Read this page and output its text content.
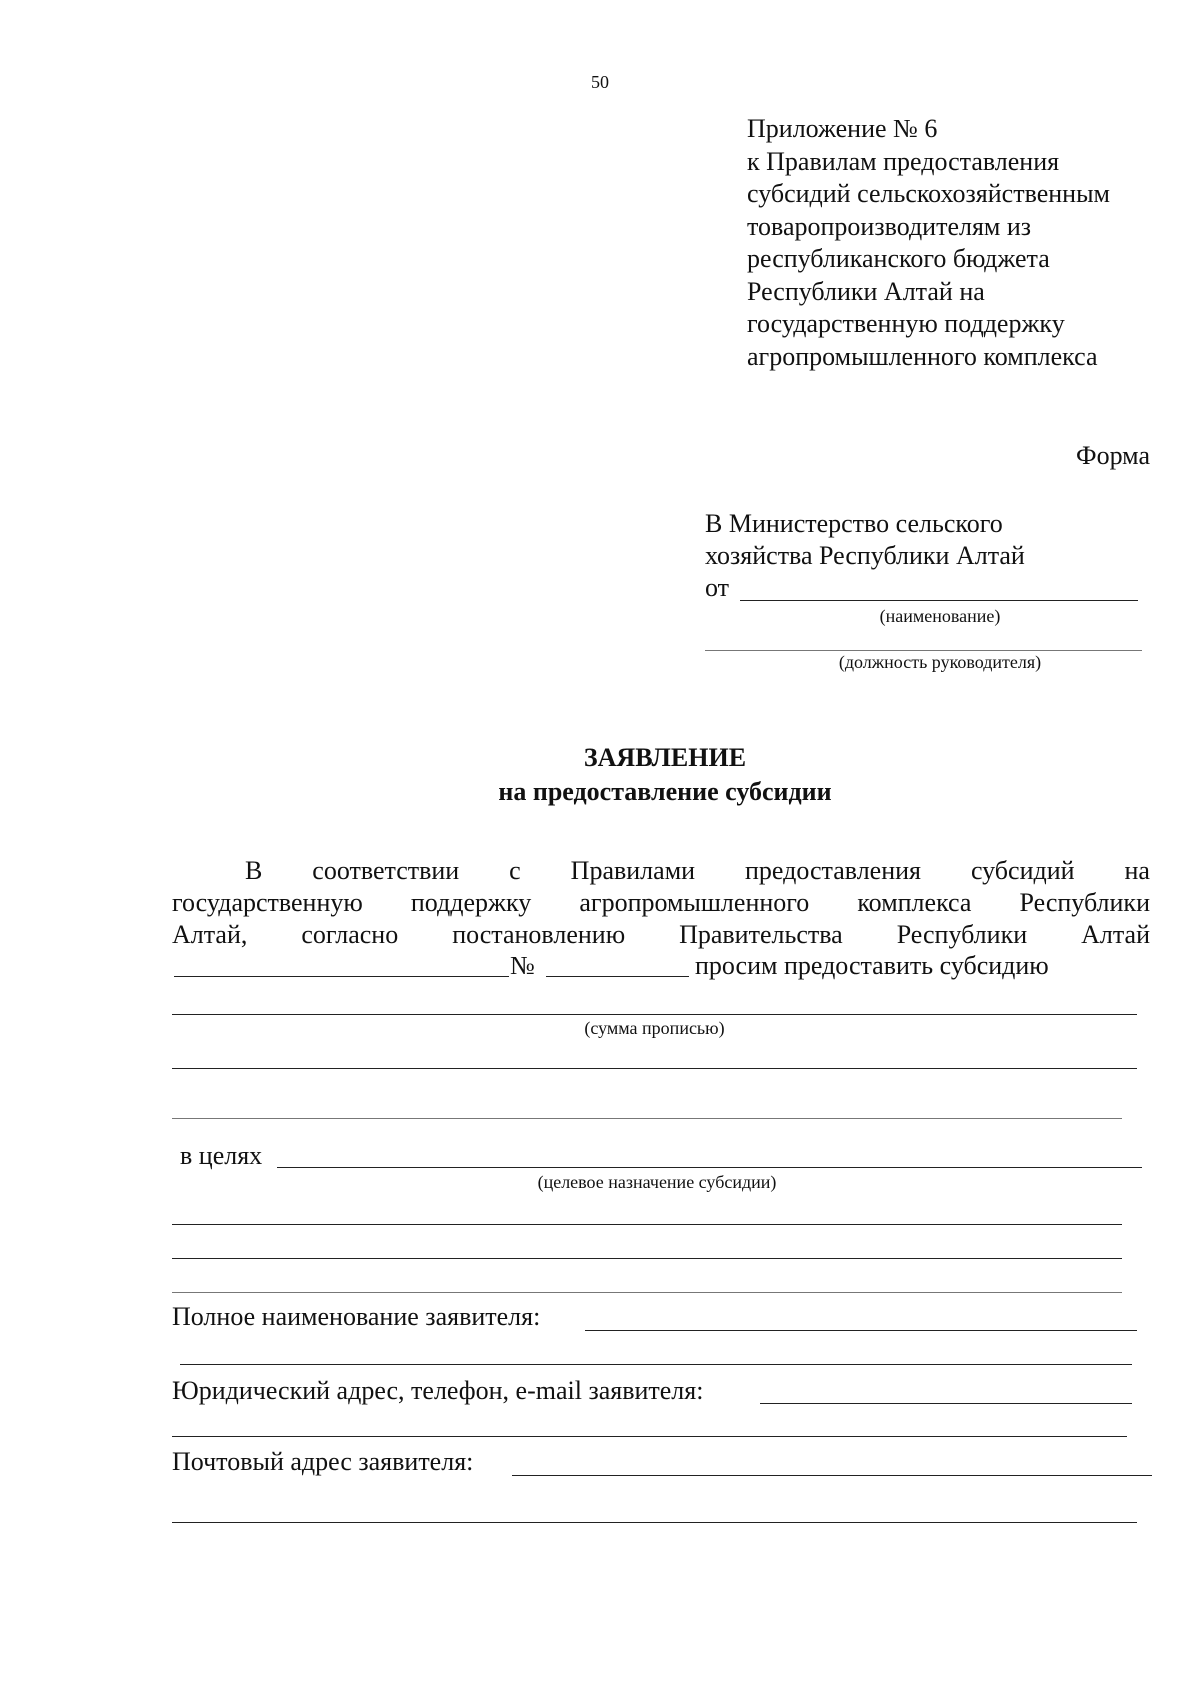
50
Приложение № 6
к Правилам предоставления
субсидий сельскохозяйственным
товаропроизводителям из
республиканского бюджета
Республики Алтай на
государственную поддержку
агропромышленного комплекса
Форма
В Министерство сельского
хозяйства Республики Алтай
от
(наименование)
(должность руководителя)
ЗАЯВЛЕНИЕ
на предоставление субсидии
В соответствии с Правилами предоставления субсидий на
государственную поддержку агропромышленного комплекса Республики
Алтай, согласно постановлению Правительства Республики Алтай
№	просим предоставить субсидию
(сумма прописью)
в целях
(целевое назначение субсидии)
Полное наименование заявителя:
Юридический адрес, телефон, e-mail заявителя:
Почтовый адрес заявителя:
